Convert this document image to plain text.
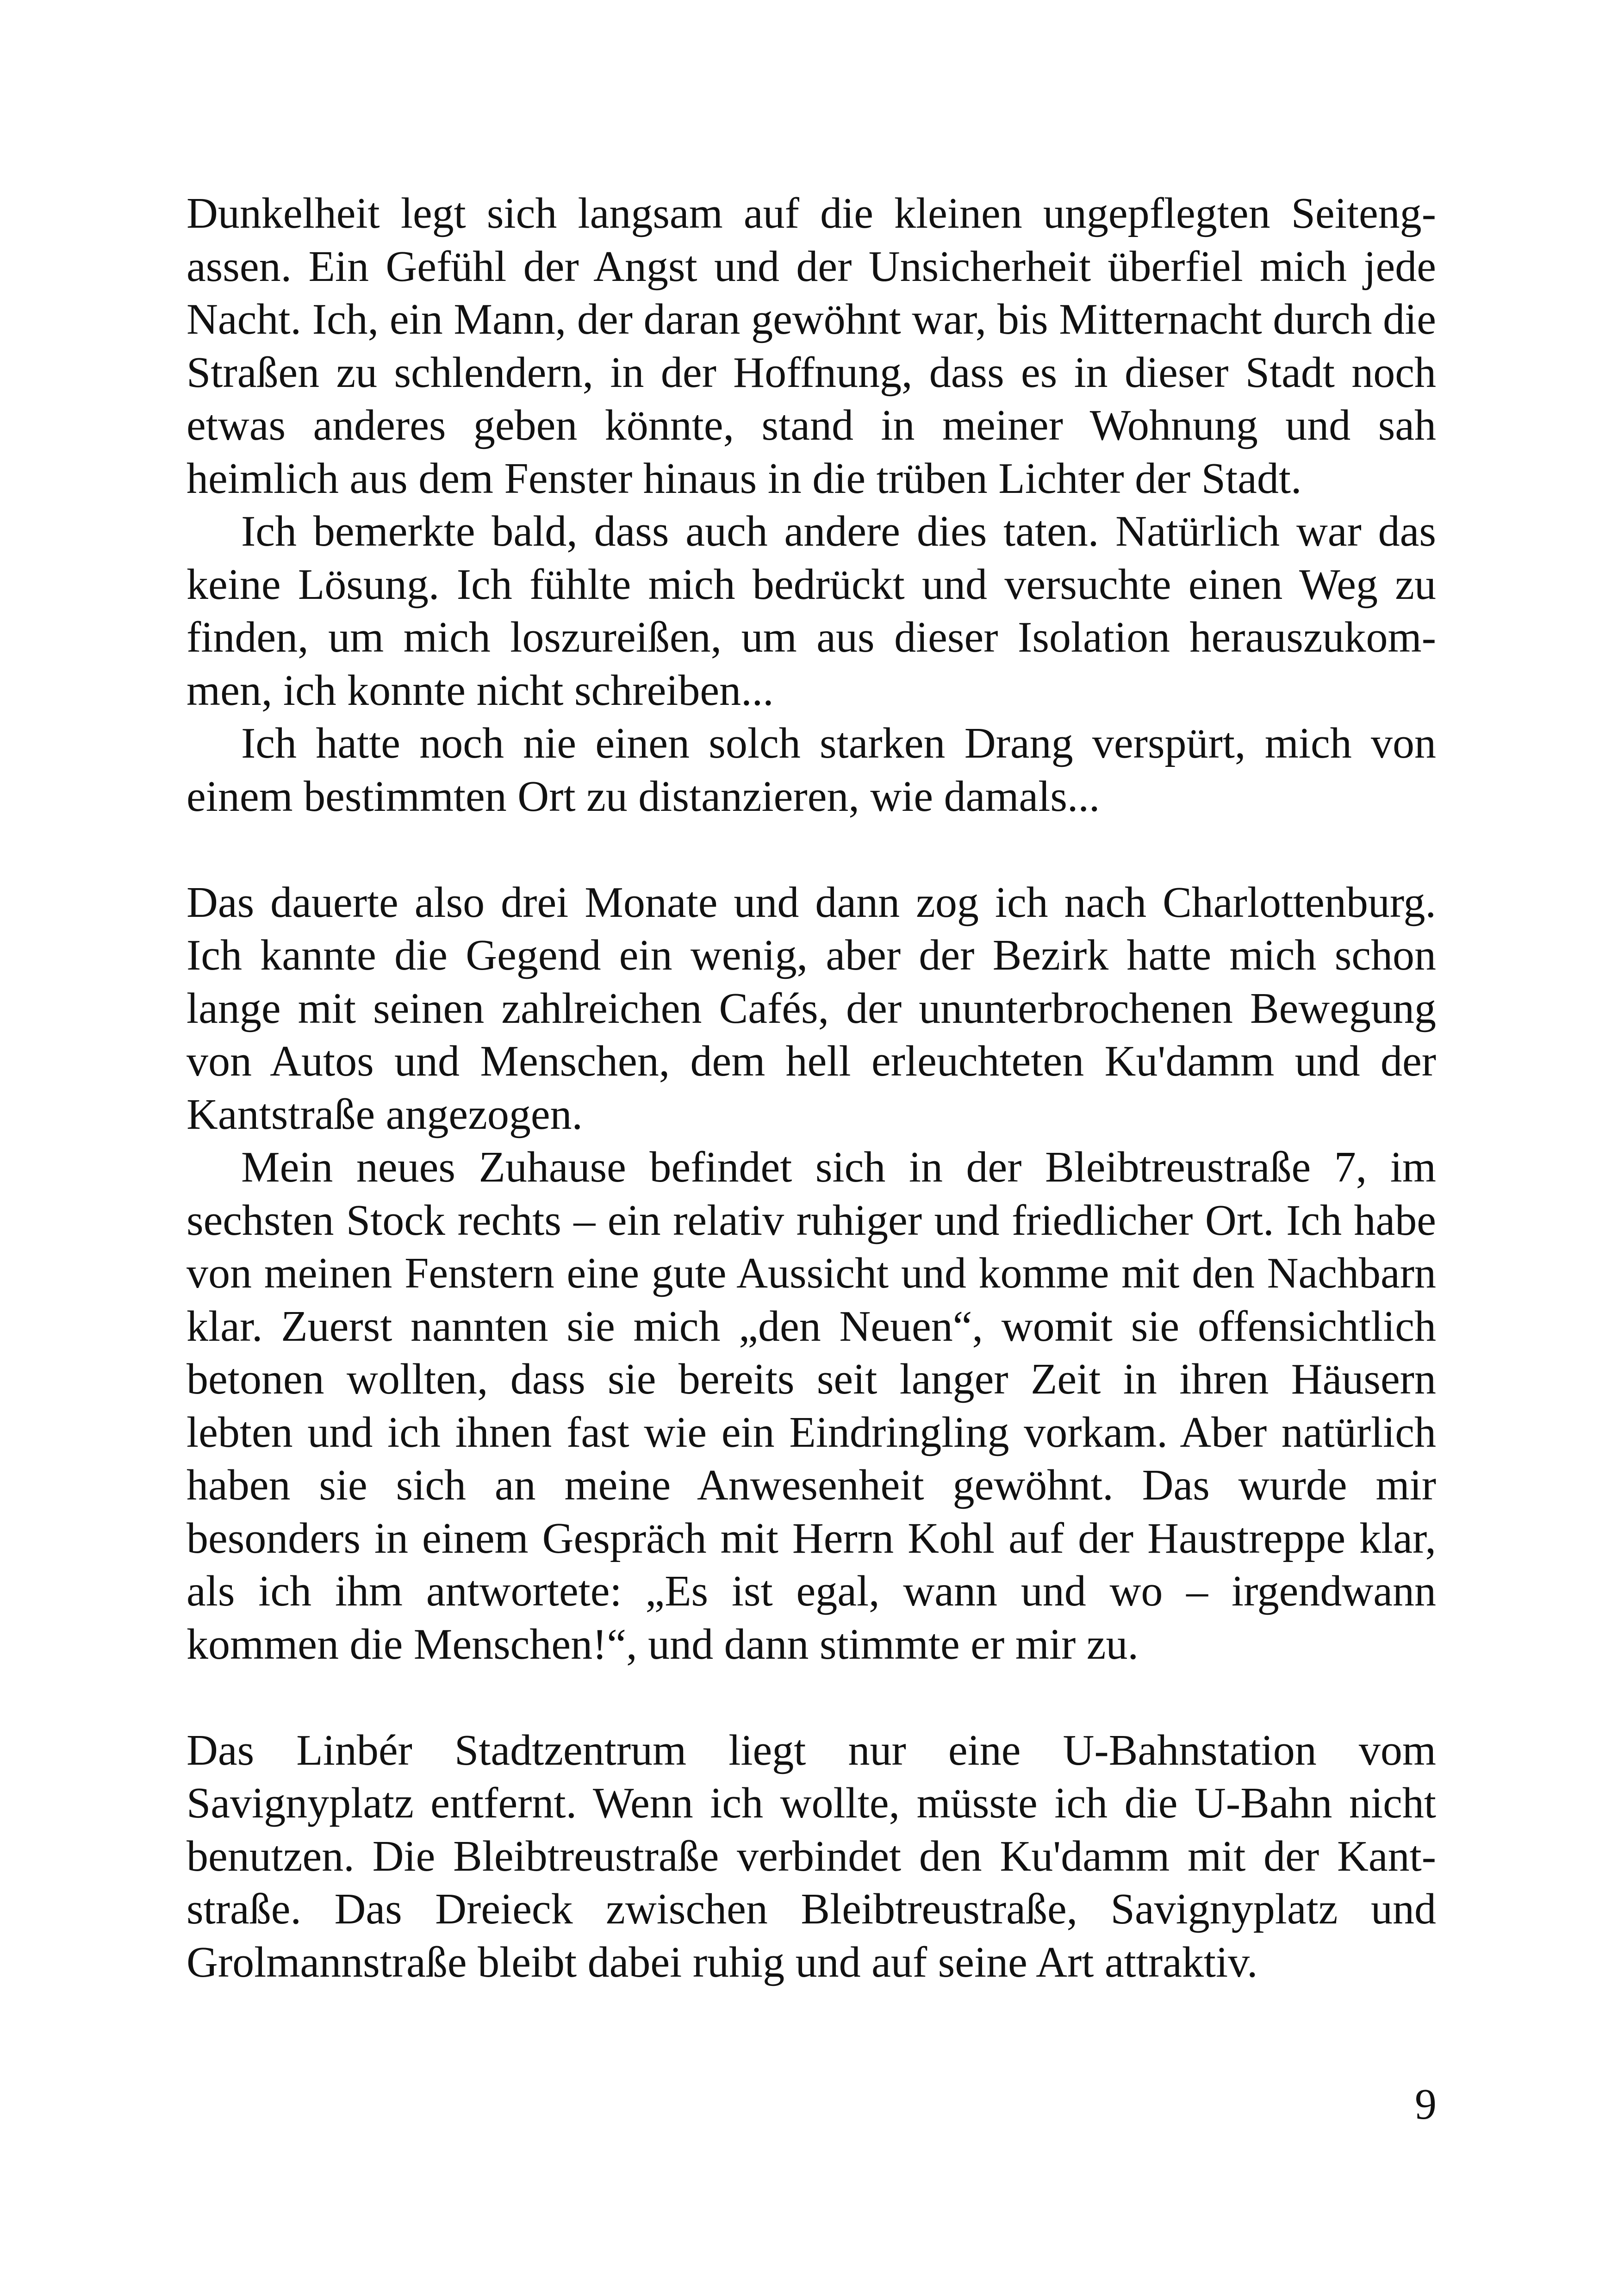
Dunkelheit legt sich langsam auf die kleinen ungepflegten Seitengassen. Ein Gefühl der Angst und der Unsicherheit überfiel mich jede Nacht. Ich, ein Mann, der daran gewöhnt war, bis Mitternacht durch die Straßen zu schlendern, in der Hoffnung, dass es in dieser Stadt noch etwas anderes geben könnte, stand in meiner Wohnung und sah heimlich aus dem Fenster hinaus in die trüben Lichter der Stadt.

Ich bemerkte bald, dass auch andere dies taten. Natürlich war das keine Lösung. Ich fühlte mich bedrückt und versuchte einen Weg zu finden, um mich loszureißen, um aus dieser Isolation herauszukommen, ich konnte nicht schreiben...

Ich hatte noch nie einen solch starken Drang verspürt, mich von einem bestimmten Ort zu distanzieren, wie damals...

Das dauerte also drei Monate und dann zog ich nach Charlottenburg. Ich kannte die Gegend ein wenig, aber der Bezirk hatte mich schon lange mit seinen zahlreichen Cafés, der ununterbrochenen Bewegung von Autos und Menschen, dem hell erleuchteten Ku'damm und der Kantstraße angezogen.

Mein neues Zuhause befindet sich in der Bleibtreustraße 7, im sechsten Stock rechts – ein relativ ruhiger und friedlicher Ort. Ich habe von meinen Fenstern eine gute Aussicht und komme mit den Nachbarn klar. Zuerst nannten sie mich „den Neuen“, womit sie offensichtlich betonen wollten, dass sie bereits seit langer Zeit in ihren Häusern lebten und ich ihnen fast wie ein Eindringling vorkam. Aber natürlich haben sie sich an meine Anwesenheit gewöhnt. Das wurde mir besonders in einem Gespräch mit Herrn Kohl auf der Haustreppe klar, als ich ihm antwortete: „Es ist egal, wann und wo – irgendwann kommen die Menschen!“, und dann stimmte er mir zu.

Das Linbér Stadtzentrum liegt nur eine U-Bahnstation vom Savignyplatz entfernt. Wenn ich wollte, müsste ich die U-Bahn nicht benutzen. Die Bleibtreustraße verbindet den Ku'damm mit der Kantstraße. Das Dreieck zwischen Bleibtreustraße, Savignyplatz und Grolmannstraße bleibt dabei ruhig und auf seine Art attraktiv.

9
